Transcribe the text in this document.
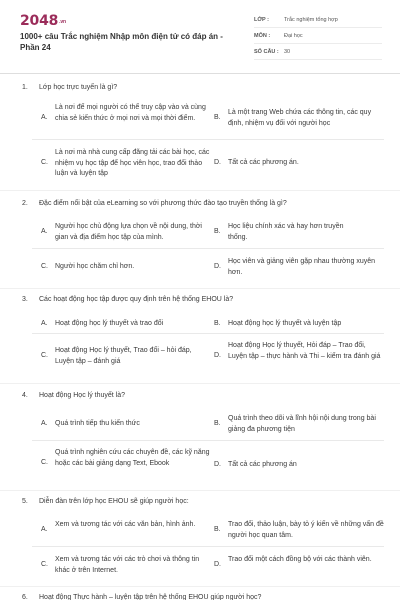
2048.vn
1000+ câu Trắc nghiệm Nhập môn điện tử có đáp án - Phần 24
LỚP :	Trắc nghiệm tổng hợp
MÔN :	Đại học
SỐ CÂU : 30
1. Lớp học trực tuyến là gì?
A.
Là nơi để mọi người có thể truy cập vào và cùng chia sẻ kiến thức ở mọi nơi và mọi thời điểm.	B.
Là một trang Web chứa các thông tin, các quy định, nhiệm vụ đối với người học
C.
Là nơi mà nhà cung cấp đăng tải các bài học, các nhiệm vụ học tập để học viên học, trao đổi thảo luận và luyện tập
D. Tất cả các phương án.
2. Đặc điểm nổi bật của eLearning so với phương thức đào tạo truyền thống là gì?
A.
Người học chủ động lựa chọn về nội dung, thời gian và địa điểm học tập của mình.
B.
Học liệu chính xác và hay hơn truyền thống.
C. Người học chăm chỉ hơn.	D.
Học viên và giảng viên gặp nhau thường xuyên hơn.
3. Các hoạt động học tập được quy định trên hệ thống EHOU là?
A. Hoạt động học lý thuyết và trao đổi	B. Hoạt động học lý thuyết và luyện tập
C.
Hoạt động Học lý thuyết, Trao đổi – hỏi đáp, Luyện tập – đánh giá
D.
Hoạt động Học lý thuyết, Hỏi đáp – Trao đổi, Luyện tập – thực hành và Thi – kiểm tra đánh giá
4. Hoạt động Học lý thuyết là?
A. Quá trình tiếp thu kiến thức	B.
Quá trình theo dõi và lĩnh hội nội dung trong bài giảng đa phương tiện
C.
Quá trình nghiên cứu các chuyên đề, các kỹ năng hoặc các bài giảng dạng Text, Ebook	D. Tất cả các phương án
5. Diễn đàn trên lớp học EHOU sẽ giúp người học:
A.
Xem và tương tác với các văn bản, hình ảnh.
B.
Trao đổi, thảo luận, bày tỏ ý kiến về những vấn đề người học quan tâm.
C.
Xem và tương tác với các trò chơi và thông tin khác ở trên Internet.
D.
Trao đổi một cách đồng bộ với các thành viên.
6. Hoạt động Thực hành – luyện tập trên hệ thống EHOU giúp người học?
